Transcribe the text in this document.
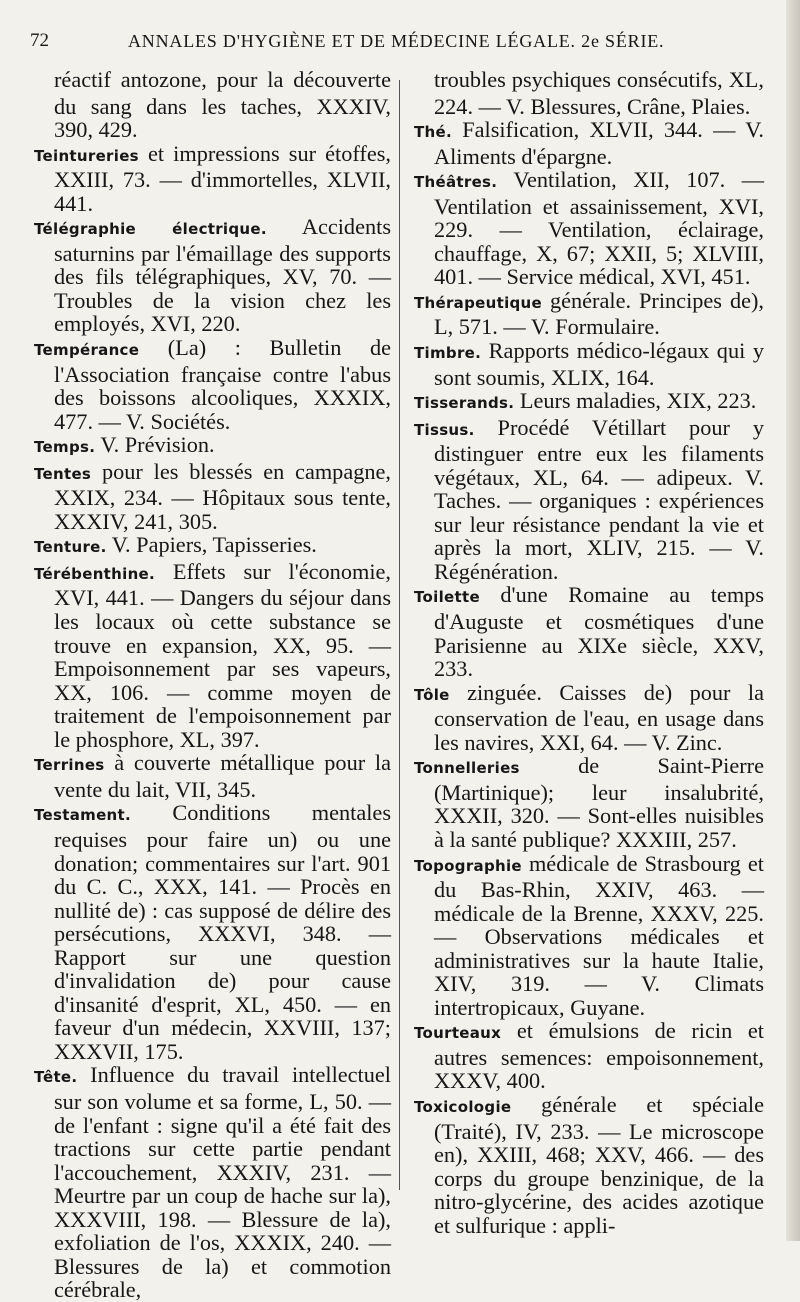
72	ANNALES D'HYGIÈNE ET DE MÉDECINE LÉGALE. 2e SÉRIE.

réactif antozone, pour la découverte du sang dans les taches, XXXIV, 390, 429.

Teintureries et impressions sur étoffes, XXIII, 73. — d'immortelles, XLVII, 441.

Télégraphie électrique. Accidents saturnins par l'émaillage des supports des fils télégraphiques, XV, 70. — Troubles de la vision chez les employés, XVI, 220.

Tempérance (La) : Bulletin de l'Association française contre l'abus des boissons alcooliques, XXXIX, 477. — V. Sociétés.

Temps. V. Prévision.

Tentes pour les blessés en campagne, XXIX, 234. — Hôpitaux sous tente, XXXIV, 241, 305.

Tenture. V. Papiers, Tapisseries.

Térébenthine. Effets sur l'économie, XVI, 441. — Dangers du séjour dans les locaux où cette substance se trouve en expansion, XX, 95. — Empoisonnement par ses vapeurs, XX, 106. — comme moyen de traitement de l'empoisonnement par le phosphore, XL, 397.

Terrines à couverte métallique pour la vente du lait, VII, 345.

Testament. Conditions mentales requises pour faire un) ou une donation; commentaires sur l'art. 901 du C. C., XXX, 141. — Procès en nullité de) : cas supposé de délire des persécutions, XXXVI, 348. — Rapport sur une question d'invalidation de) pour cause d'insanité d'esprit, XL, 450. — en faveur d'un médecin, XXVIII, 137; XXXVII, 175.

Tête. Influence du travail intellectuel sur son volume et sa forme, L, 50. — de l'enfant : signe qu'il a été fait des tractions sur cette partie pendant l'accouchement, XXXIV, 231. — Meurtre par un coup de hache sur la), XXXVIII, 198. — Blessure de la), exfoliation de l'os, XXXIX, 240. — Blessures de la) et commotion cérébrale,

troubles psychiques consécutifs, XL, 224. — V. Blessures, Crâne, Plaies.

Thé. Falsification, XLVII, 344. — V. Aliments d'épargne.

Théâtres. Ventilation, XII, 107. — Ventilation et assainissement, XVI, 229. — Ventilation, éclairage, chauffage, X, 67; XXII, 5; XLVIII, 401. — Service médical, XVI, 451.

Thérapeutique générale. Principes de), L, 571. — V. Formulaire.

Timbre. Rapports médico-légaux qui y sont soumis, XLIX, 164.

Tisserands. Leurs maladies, XIX, 223.

Tissus. Procédé Vétillart pour y distinguer entre eux les filaments végétaux, XL, 64. — adipeux. V. Taches. — organiques : expériences sur leur résistance pendant la vie et après la mort, XLIV, 215. — V. Régénération.

Toilette d'une Romaine au temps d'Auguste et cosmétiques d'une Parisienne au XIXe siècle, XXV, 233.

Tôle zinguée. Caisses de) pour la conservation de l'eau, en usage dans les navires, XXI, 64. — V. Zinc.

Tonnelleries de Saint-Pierre (Martinique); leur insalubrité, XXXII, 320. — Sont-elles nuisibles à la santé publique? XXXIII, 257.

Topographie médicale de Strasbourg et du Bas-Rhin, XXIV, 463. — médicale de la Brenne, XXXV, 225. — Observations médicales et administratives sur la haute Italie, XIV, 319. — V. Climats intertropicaux, Guyane.

Tourteaux et émulsions de ricin et autres semences: empoisonnement, XXXV, 400.

Toxicologie générale et spéciale (Traité), IV, 233. — Le microscope en), XXIII, 468; XXV, 466. — des corps du groupe benzinique, de la nitro-glycérine, des acides azotique et sulfurique : appli-
